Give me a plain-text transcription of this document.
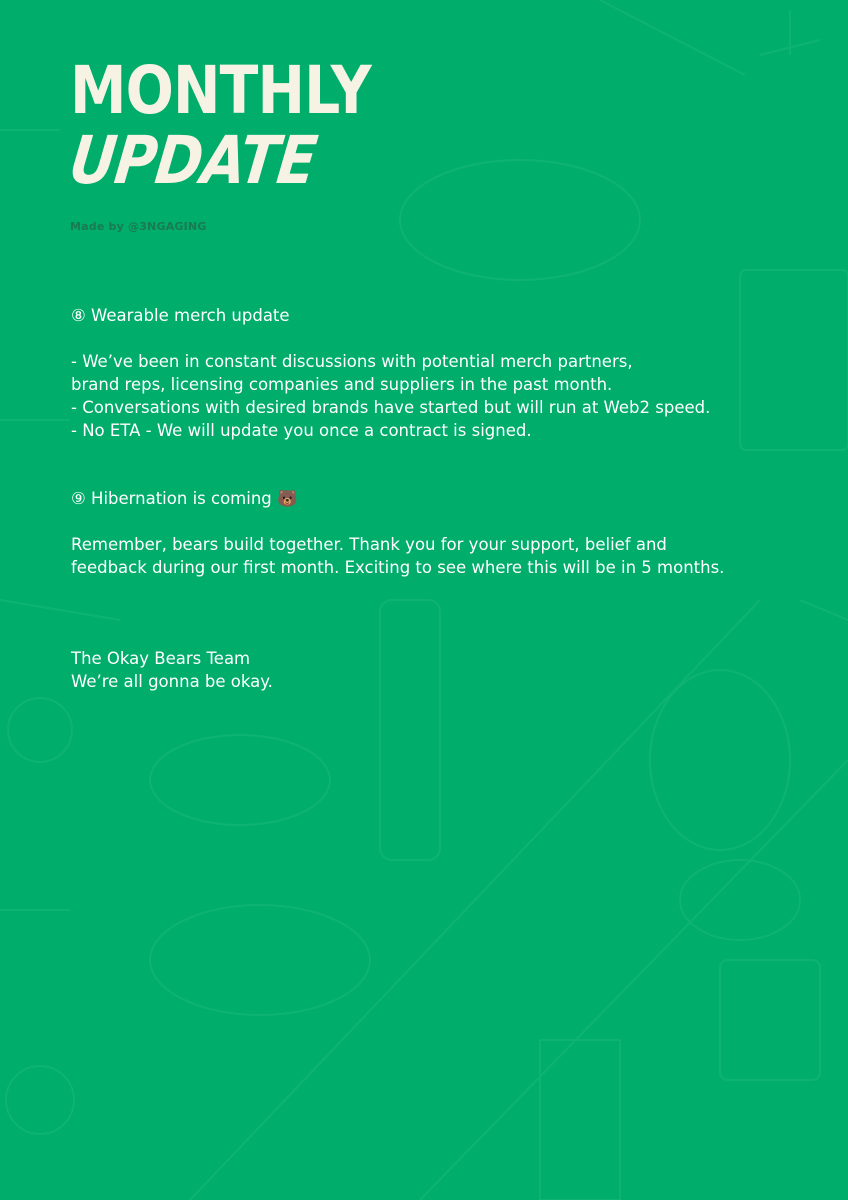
MONTHLY
UPDATE
Made by @3NGAGING
⑧ Wearable merch update

- We’ve been in constant discussions with potential merch partners,
brand reps, licensing companies and suppliers in the past month.
- Conversations with desired brands have started but will run at Web2 speed.
- No ETA - We will update you once a contract is signed.

⑨ Hibernation is coming 🐻

Remember, bears build together. Thank you for your support, belief and
feedback during our first month. Exciting to see where this will be in 5 months.

The Okay Bears Team
We’re all gonna be okay.
